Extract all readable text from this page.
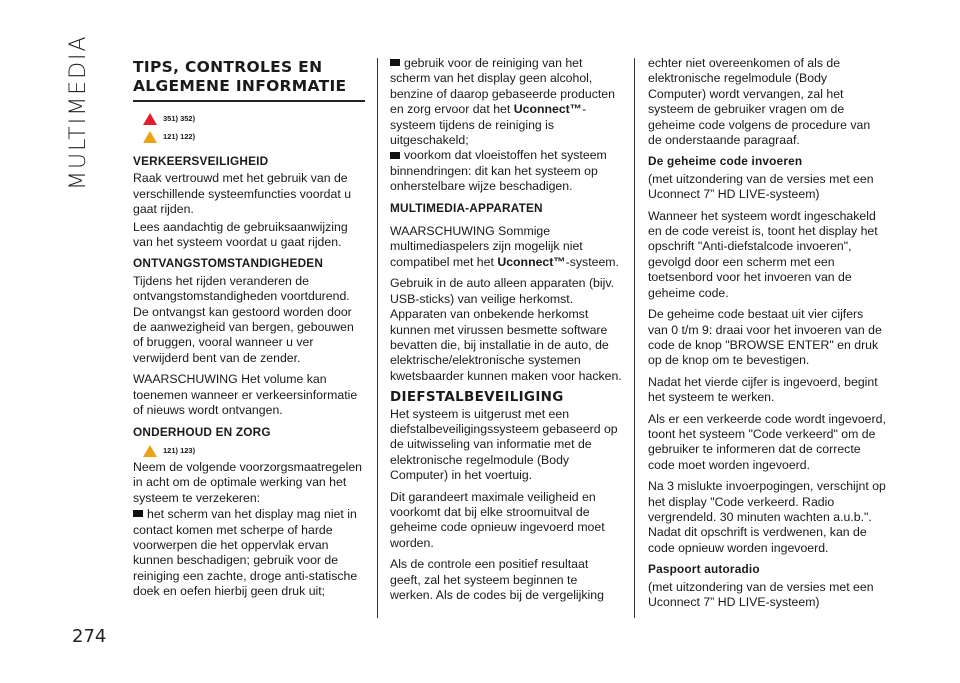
MULTIMEDIA
274
TIPS, CONTROLES EN
ALGEMENE INFORMATIE
351) 352)
121) 122)
VERKEERSVEILIGHEID

Raak vertrouwd met het gebruik van de verschillende systeemfuncties voordat u gaat rijden.

Lees aandachtig de gebruiksaanwijzing van het systeem voordat u gaat rijden.

ONTVANGSTOMSTANDIGHEDEN

Tijdens het rijden veranderen de ontvangstomstandigheden voortdurend. De ontvangst kan gestoord worden door de aanwezigheid van bergen, gebouwen of bruggen, vooral wanneer u ver verwijderd bent van de zender.

WAARSCHUWING Het volume kan toenemen wanneer er verkeersinformatie of nieuws wordt ontvangen.

ONDERHOUD EN ZORG
121) 123)

Neem de volgende voorzorgsmaatregelen in acht om de optimale werking van het systeem te verzekeren:

het scherm van het display mag niet in contact komen met scherpe of harde voorwerpen die het oppervlak ervan kunnen beschadigen; gebruik voor de reiniging een zachte, droge anti-statische doek en oefen hierbij geen druk uit;
gebruik voor de reiniging van het scherm van het display geen alcohol, benzine of daarop gebaseerde producten en zorg ervoor dat het Uconnect™-systeem tijdens de reiniging is uitgeschakeld;
voorkom dat vloeistoffen het systeem binnendringen: dit kan het systeem op onherstelbare wijze beschadigen.
MULTIMEDIA-APPARATEN

WAARSCHUWING Sommige multimediaspelers zijn mogelijk niet compatibel met het Uconnect™-systeem.

Gebruik in de auto alleen apparaten (bijv. USB-sticks) van veilige herkomst. Apparaten van onbekende herkomst kunnen met virussen besmette software bevatten die, bij installatie in de auto, de elektrische/elektronische systemen kwetsbaarder kunnen maken voor hacken.

DIEFSTALBEVEILIGING

Het systeem is uitgerust met een diefstalbeveiligingssysteem gebaseerd op de uitwisseling van informatie met de elektronische regelmodule (Body Computer) in het voertuig.

Dit garandeert maximale veiligheid en voorkomt dat bij elke stroomuitval de geheime code opnieuw ingevoerd moet worden.

Als de controle een positief resultaat geeft, zal het systeem beginnen te werken. Als de codes bij de vergelijking

echter niet overeenkomen of als de elektronische regelmodule (Body Computer) wordt vervangen, zal het systeem de gebruiker vragen om de geheime code volgens de procedure van de onderstaande paragraaf.

De geheime code invoeren

(met uitzondering van de versies met een Uconnect 7” HD LIVE-systeem)

Wanneer het systeem wordt ingeschakeld en de code vereist is, toont het display het opschrift "Anti-diefstalcode invoeren", gevolgd door een scherm met een toetsenbord voor het invoeren van de geheime code.

De geheime code bestaat uit vier cijfers van 0 t/m 9: draai voor het invoeren van de code de knop "BROWSE ENTER" en druk op de knop om te bevestigen.

Nadat het vierde cijfer is ingevoerd, begint het systeem te werken.

Als er een verkeerde code wordt ingevoerd, toont het systeem "Code verkeerd" om de gebruiker te informeren dat de correcte code moet worden ingevoerd.

Na 3 mislukte invoerpogingen, verschijnt op het display "Code verkeerd. Radio vergrendeld. 30 minuten wachten a.u.b.". Nadat dit opschrift is verdwenen, kan de code opnieuw worden ingevoerd.

Paspoort autoradio

(met uitzondering van de versies met een Uconnect 7” HD LIVE-systeem)
